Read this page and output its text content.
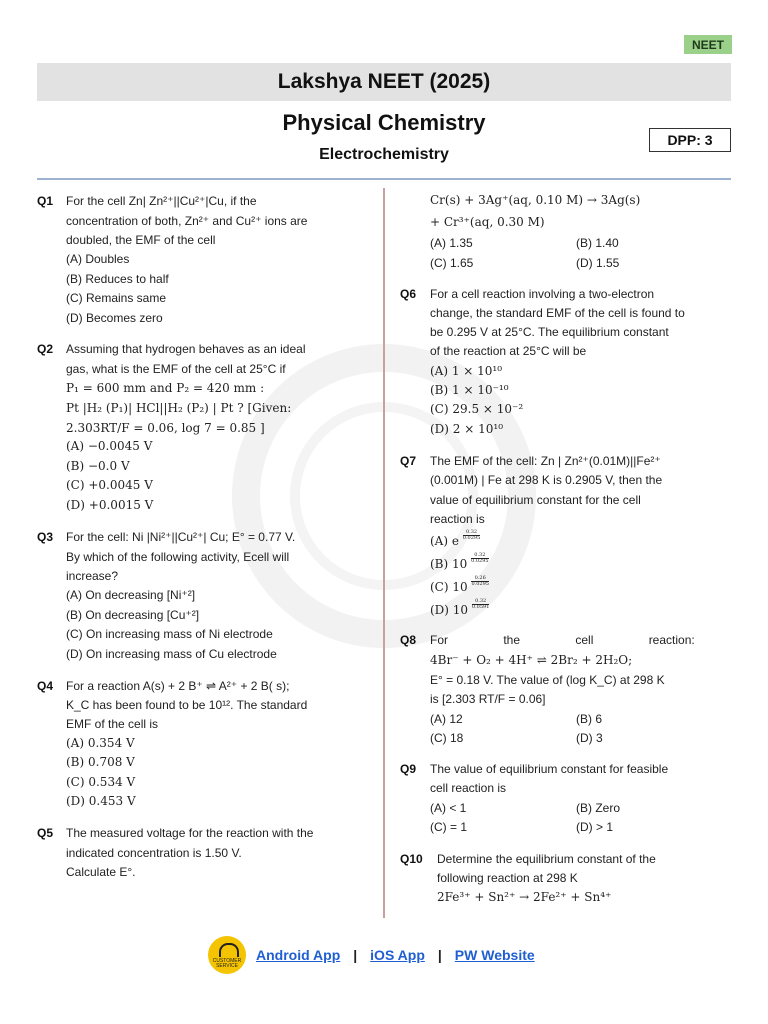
NEET
Lakshya NEET (2025)
Physical Chemistry
Electrochemistry
DPP: 3
Q1 For the cell Zn| Zn²⁺||Cu²⁺|Cu, if the
concentration of both, Zn²⁺ and Cu²⁺ ions are
doubled, the EMF of the cell
(A) Doubles
(B) Reduces to half
(C) Remains same
(D) Becomes zero
Q2 Assuming that hydrogen behaves as an ideal
gas, what is the EMF of the cell at 25°C if
P₁ = 600 mm and P₂ = 420 mm :
Pt |H₂ (P₁)| HCl||H₂ (P₂) | Pt ? [Given:
2.303RT/F = 0.06, log 7 = 0.85 ]
(A) −0.0045 V
(B) −0.0 V
(C) +0.0045 V
(D) +0.0015 V
Q3 For the cell: Ni |Ni²⁺||Cu²⁺| Cu; E° = 0.77 V.
By which of the following activity, Ecell will
increase?
(A) On decreasing [Ni⁺²]
(B) On decreasing [Cu⁺²]
(C) On increasing mass of Ni electrode
(D) On increasing mass of Cu electrode
Q4 For a reaction A(s) + 2 B⁺ ⇌ A²⁺ + 2 B( s);
K_C has been found to be 10¹². The standard
EMF of the cell is
(A) 0.354 V
(B) 0.708 V
(C) 0.534 V
(D) 0.453 V
Q5 The measured voltage for the reaction with the
indicated concentration is 1.50 V.
Calculate E°.
Cr(s) + 3Ag⁺(aq, 0.10 M) → 3Ag(s)
+ Cr³⁺(aq, 0.30 M)
(A) 1.35	(B) 1.40
(C) 1.65	(D) 1.55
Q6 For a cell reaction involving a two-electron
change, the standard EMF of the cell is found to
be 0.295 V at 25°C. The equilibrium constant
of the reaction at 25°C will be
(A) 1 × 10¹⁰
(B) 1 × 10⁻¹⁰
(C) 29.5 × 10⁻²
(D) 2 × 10¹⁰
Q7 The EMF of the cell: Zn | Zn²⁺(0.01M)||Fe²⁺
(0.001M) | Fe at 298 K is 0.2905 V, then the
value of equilibrium constant for the cell
reaction is
(A) e $\frac{0.32}{0.0295}$
(B) $10 \frac{0.32}{0.0295}$
(C) $10 \frac{0.26}{0.0295}$
(D) $10 \frac{0.32}{0.0591}$
Q8 For the cell reaction:
4Br⁻ + O₂ + 4H⁺ ⇌ 2Br₂ + 2H₂O;
E° = 0.18 V. The value of (log K_C) at 298 K
is [2.303 RT/F = 0.06]
(A) 12	(B) 6
(C) 18	(D) 3
Q9 The value of equilibrium constant for feasible
cell reaction is
(A) < 1	(B) Zero
(C) = 1	(D) > 1
Q10 Determine the equilibrium constant of the
following reaction at 298 K
2Fe³⁺ + Sn²⁺ → 2Fe²⁺ + Sn⁴⁺
CUSTOMER SERVICE
Android App | iOS App | PW Website
